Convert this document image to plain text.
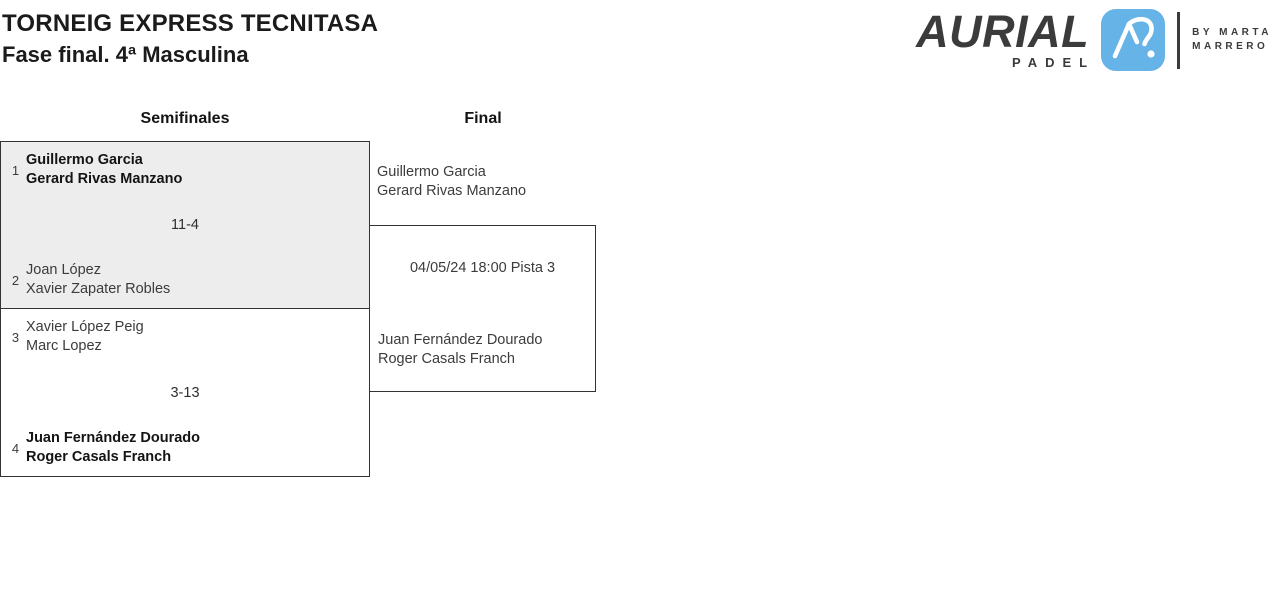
TORNEIG EXPRESS TECNITASA
Fase final. 4ª Masculina	AURIAL
PADEL
BY MARTA
MARRERO
Semifinales	Final
1
Guillermo Garcia
Gerard Rivas Manzano
11-4
2
Joan López
Xavier Zapater Robles
3
Xavier López Peig
Marc Lopez
3-13
4
Juan Fernández Dourado
Roger Casals Franch
Guillermo Garcia
Gerard Rivas Manzano
04/05/24 18:00 Pista 3
Juan Fernández Dourado
Roger Casals Franch
